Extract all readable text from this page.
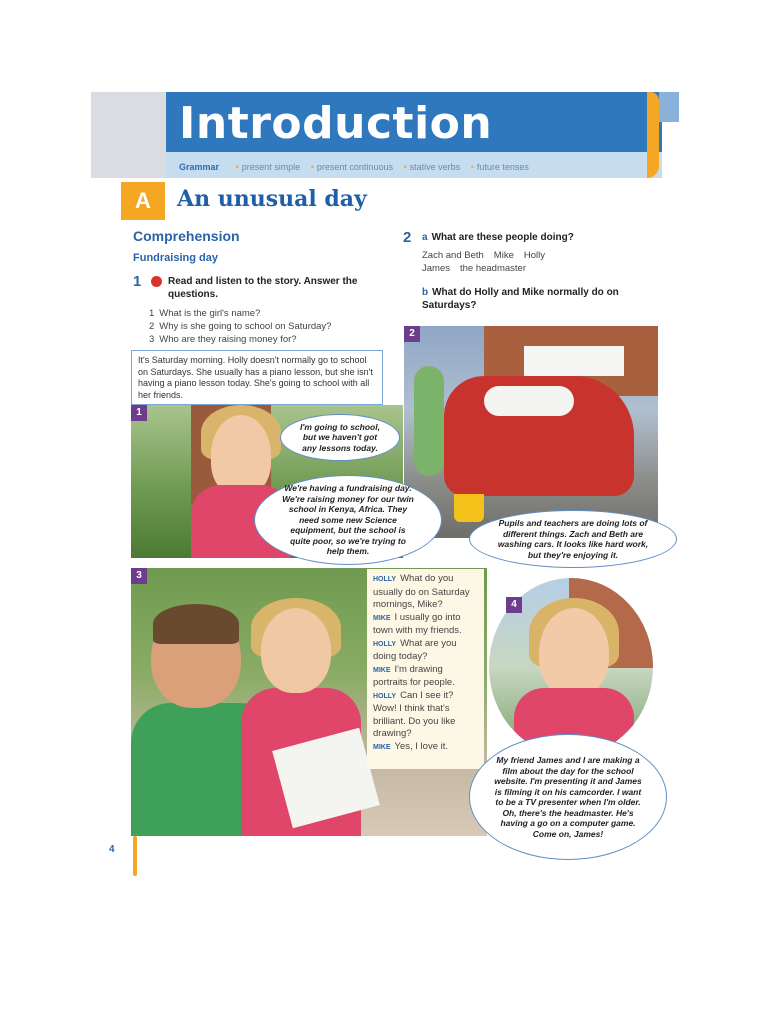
Introduction
Grammar • present simple • present continuous • stative verbs • future tenses
A	An unusual day
Comprehension
Fundraising day
1	Read and listen to the story. Answer the questions.
1 What is the girl's name?
2 Why is she going to school on Saturday?
3 Who are they raising money for?
2 a What are these people doing?
Zach and Beth Mike Holly
James the headmaster
b What do Holly and Mike normally do on Saturdays?
It's Saturday morning. Holly doesn't normally go to school on Saturdays. She usually has a piano lesson, but she isn't having a piano lesson today. She's going to school with all her friends.
1
2
3	HOLLY What do you usually do on Saturday mornings, Mike?
MIKE I usually go into town with my friends.
HOLLY What are you doing today?
MIKE I'm drawing portraits for people.
HOLLY Can I see it? Wow! I think that's brilliant. Do you like drawing?
MIKE Yes, I love it.
4
I'm going to school, but we haven't got any lessons today.
We're having a fundraising day. We're raising money for our twin school in Kenya, Africa. They need some new Science equipment, but the school is quite poor, so we're trying to help them.
Pupils and teachers are doing lots of different things. Zach and Beth are washing cars. It looks like hard work, but they're enjoying it.
My friend James and I are making a film about the day for the school website. I'm presenting it and James is filming it on his camcorder. I want to be a TV presenter when I'm older. Oh, there's the headmaster. He's having a go on a computer game. Come on, James!
4
